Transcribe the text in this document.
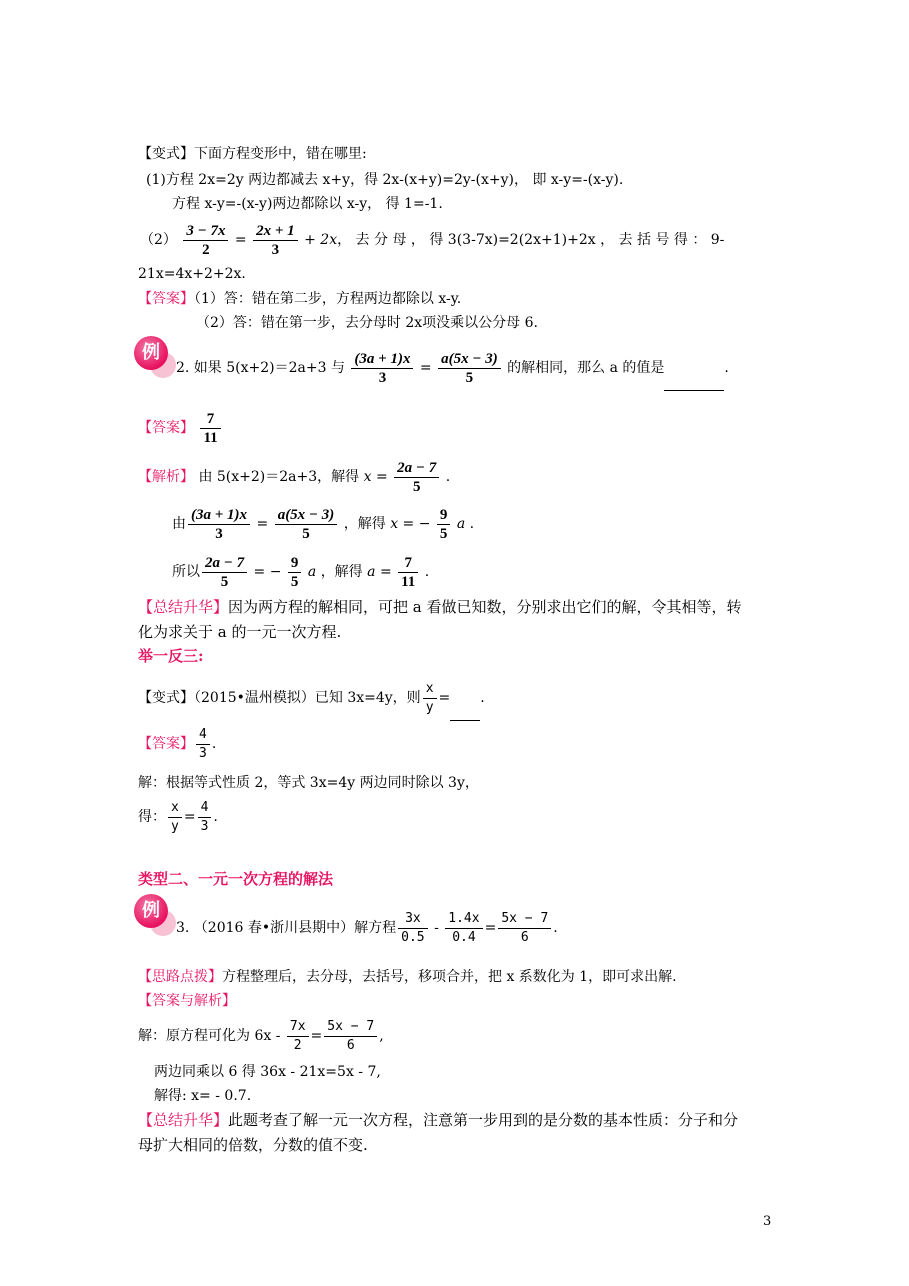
【变式】下面方程变形中，错在哪里:
(1)方程 2x=2y 两边都减去 x+y，得 2x-(x+y)=2y-(x+y)， 即 x-y=-(x-y).
方程 x-y=-(x-y)两边都除以 x-y， 得 1=-1.
$(2) \frac{3 - 7x}{2} = \frac{2x + 1}{3} + 2x$， 去 分 母 ， 得 3(3-7x)=2(2x+1)+2x ， 去 括 号 得 ： 9-
21x=4x+2+2x.
【答案】（1）答：错在第二步，方程两边都除以 x-y.
（2）答：错在第一步，去分母时 2x项没乘以公分母 6.
例
2. 如果 5(x+2)＝2a+3 与 $\frac{(3a + 1)x}{3} = \frac{a(5x - 3)}{5}$ 的解相同，那么 a 的值是	.
【答案】 $\frac{7}{11}$
【解析】 由 5(x+2)＝2a+3，解得 $x = \frac{2a - 7}{5}$ .
由 $\frac{(3a + 1)x}{3} = \frac{a(5x - 3)}{5}$ ，解得 x = − $\frac{9}{5}$ a .
所以 $\frac{2a - 7}{5}$ = − $\frac{9}{5}$ a ，解得 $a = \frac{7}{11}$ .
【总结升华】因为两方程的解相同，可把 a 看做已知数，分别求出它们的解，令其相等，转
化为求关于 a 的一元一次方程.
举一反三:
【变式】（2015•温州模拟）已知 3x=4y，则 $\frac{x}{y}$ = .
【答案】 $\frac{4}{3}$ .
解：根据等式性质 2，等式 3x=4y 两边同时除以 3y，
得： $\frac{x}{y} = \frac{4}{3}$ .
类型二、一元一次方程的解法
例
3. （2016 春•浙川县期中）解方程 $\frac{3x}{0.5} - \frac{1.4x}{0.4} = \frac{5x - 7}{6}$ .
【思路点拨】方程整理后，去分母，去括号，移项合并，把 x 系数化为 1，即可求出解.
【答案与解析】
解：原方程可化为 $6x - \frac{7x}{2} = \frac{5x - 7}{6}$ ,
两边同乘以 6 得 36x - 21x=5x - 7,
解得: x= - 0.7.
【总结升华】此题考查了解一元一次方程，注意第一步用到的是分数的基本性质：分子和分
母扩大相同的倍数，分数的值不变.
3
